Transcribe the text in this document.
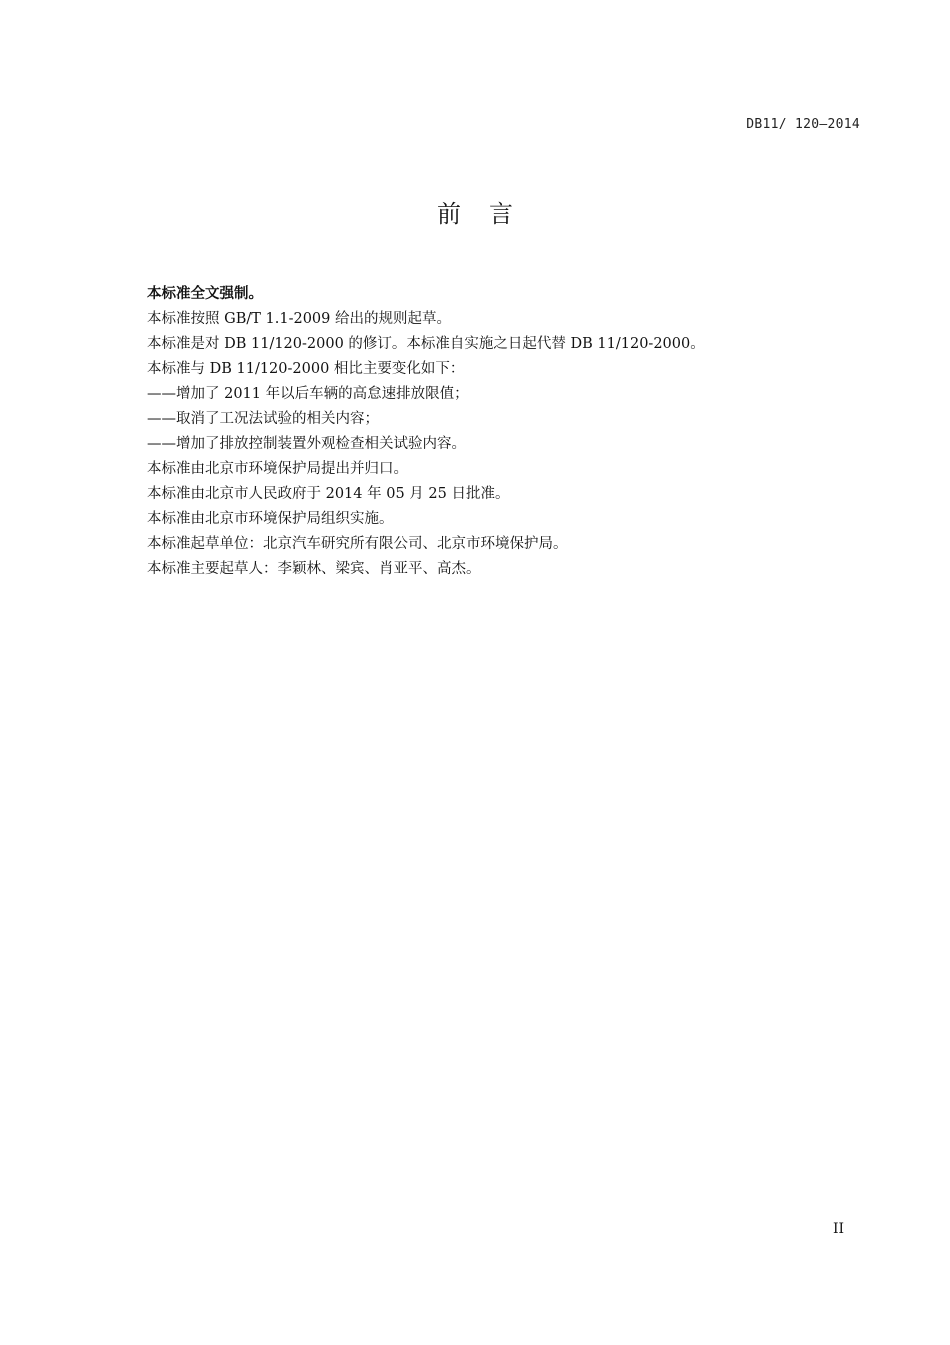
DB11/ 120—2014
前言
本标准全文强制。
本标准按照 GB/T 1.1-2009 给出的规则起草。
本标准是对 DB 11/120-2000 的修订。本标准自实施之日起代替 DB 11/120-2000。
本标准与 DB 11/120-2000 相比主要变化如下：
——增加了 2011 年以后车辆的高怠速排放限值；
——取消了工况法试验的相关内容；
——增加了排放控制装置外观检查相关试验内容。
本标准由北京市环境保护局提出并归口。
本标准由北京市人民政府于 2014 年 05 月 25 日批准。
本标准由北京市环境保护局组织实施。
本标准起草单位：北京汽车研究所有限公司、北京市环境保护局。
本标准主要起草人：李颖林、梁宾、肖亚平、高杰。
II
